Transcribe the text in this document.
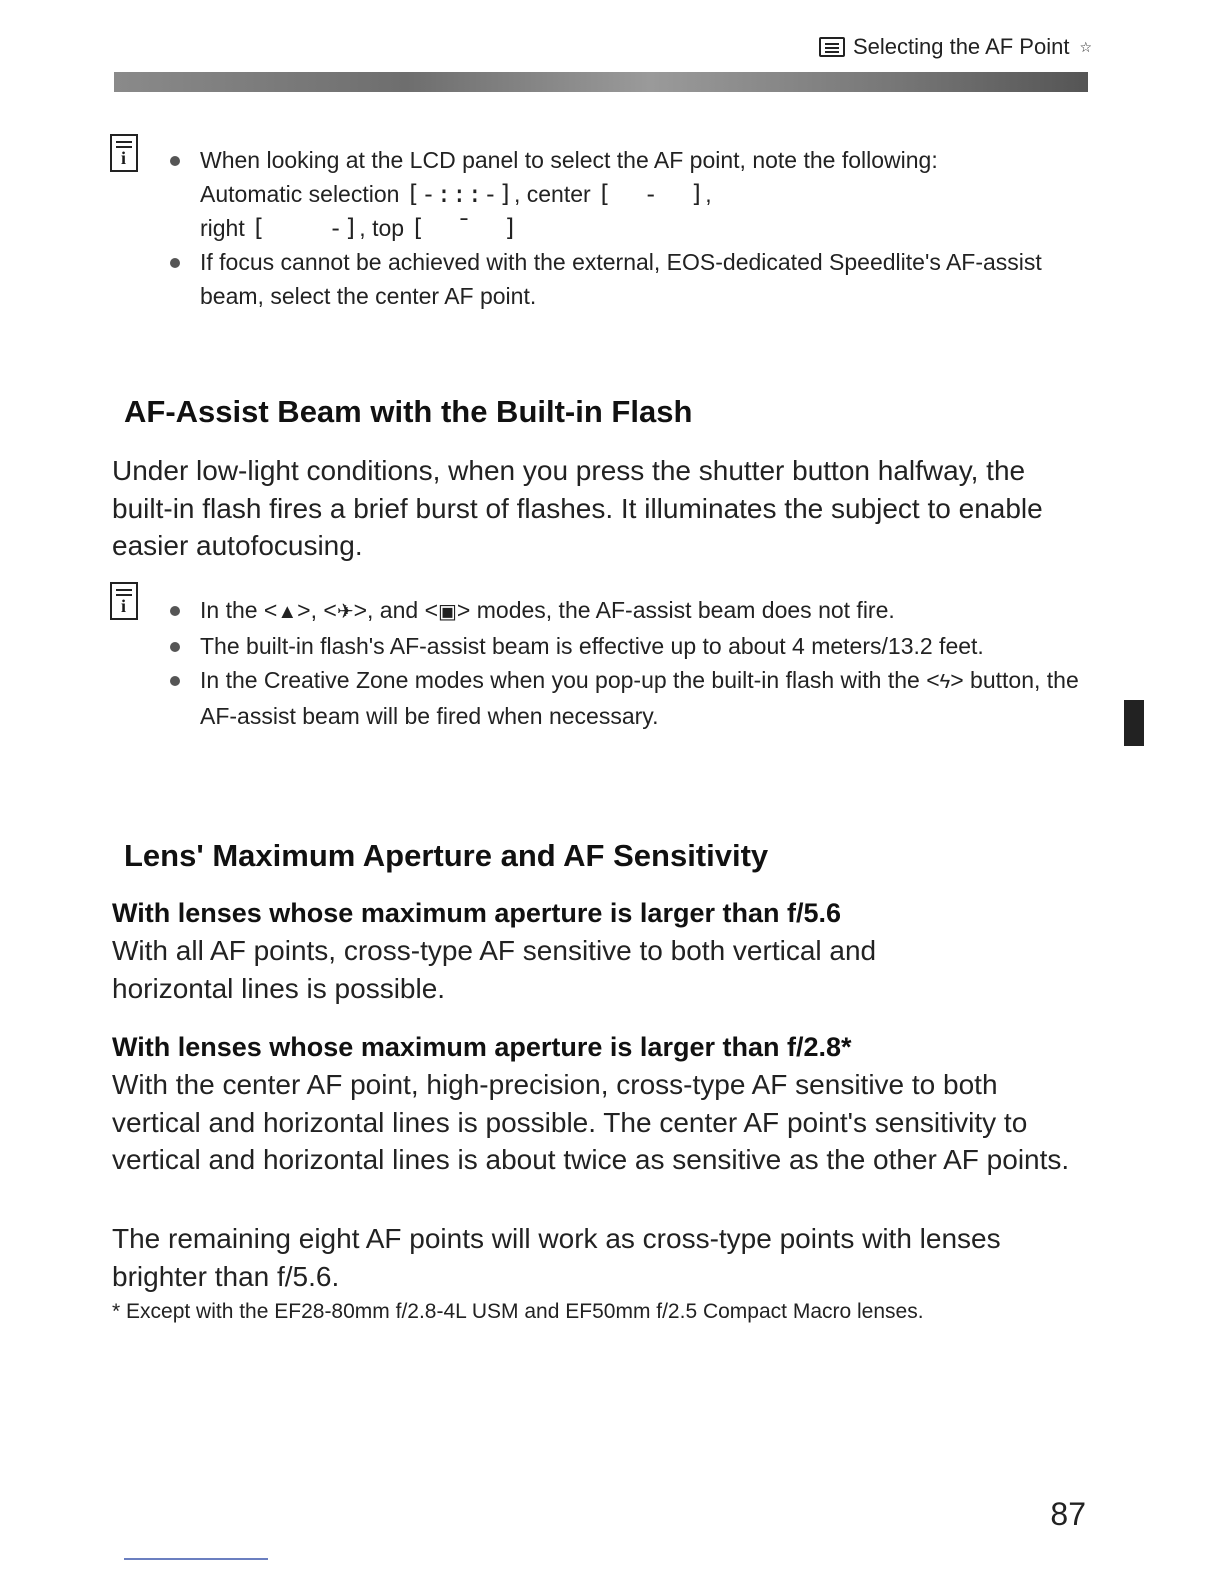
Selecting the AF Point ☆
i
When looking at the LCD panel to select the AF point, note the following:
Automatic selection [-:::-], center [  -  ],
right [    -], top [  ¯  ]
If focus cannot be achieved with the external, EOS-dedicated Speedlite's AF-assist beam, select the center AF point.
AF-Assist Beam with the Built-in Flash

Under low-light conditions, when you press the shutter button halfway, the built-in flash fires a brief burst of flashes. It illuminates the subject to enable easier autofocusing.

i
In the <▲>, <✈>, and <▣> modes, the AF-assist beam does not fire.
The built-in flash's AF-assist beam is effective up to about 4 meters/13.2 feet.
In the Creative Zone modes when you pop-up the built-in flash with the <ϟ> button, the AF-assist beam will be fired when necessary.
Lens' Maximum Aperture and AF Sensitivity

With lenses whose maximum aperture is larger than f/5.6

With all AF points, cross-type AF sensitive to both vertical and horizontal lines is possible.

With lenses whose maximum aperture is larger than f/2.8*

With the center AF point, high-precision, cross-type AF sensitive to both vertical and horizontal lines is possible. The center AF point's sensitivity to vertical and horizontal lines is about twice as sensitive as the other AF points.

The remaining eight AF points will work as cross-type points with lenses brighter than f/5.6.

* Except with the EF28-80mm f/2.8-4L USM and EF50mm f/2.5 Compact Macro lenses.

87
